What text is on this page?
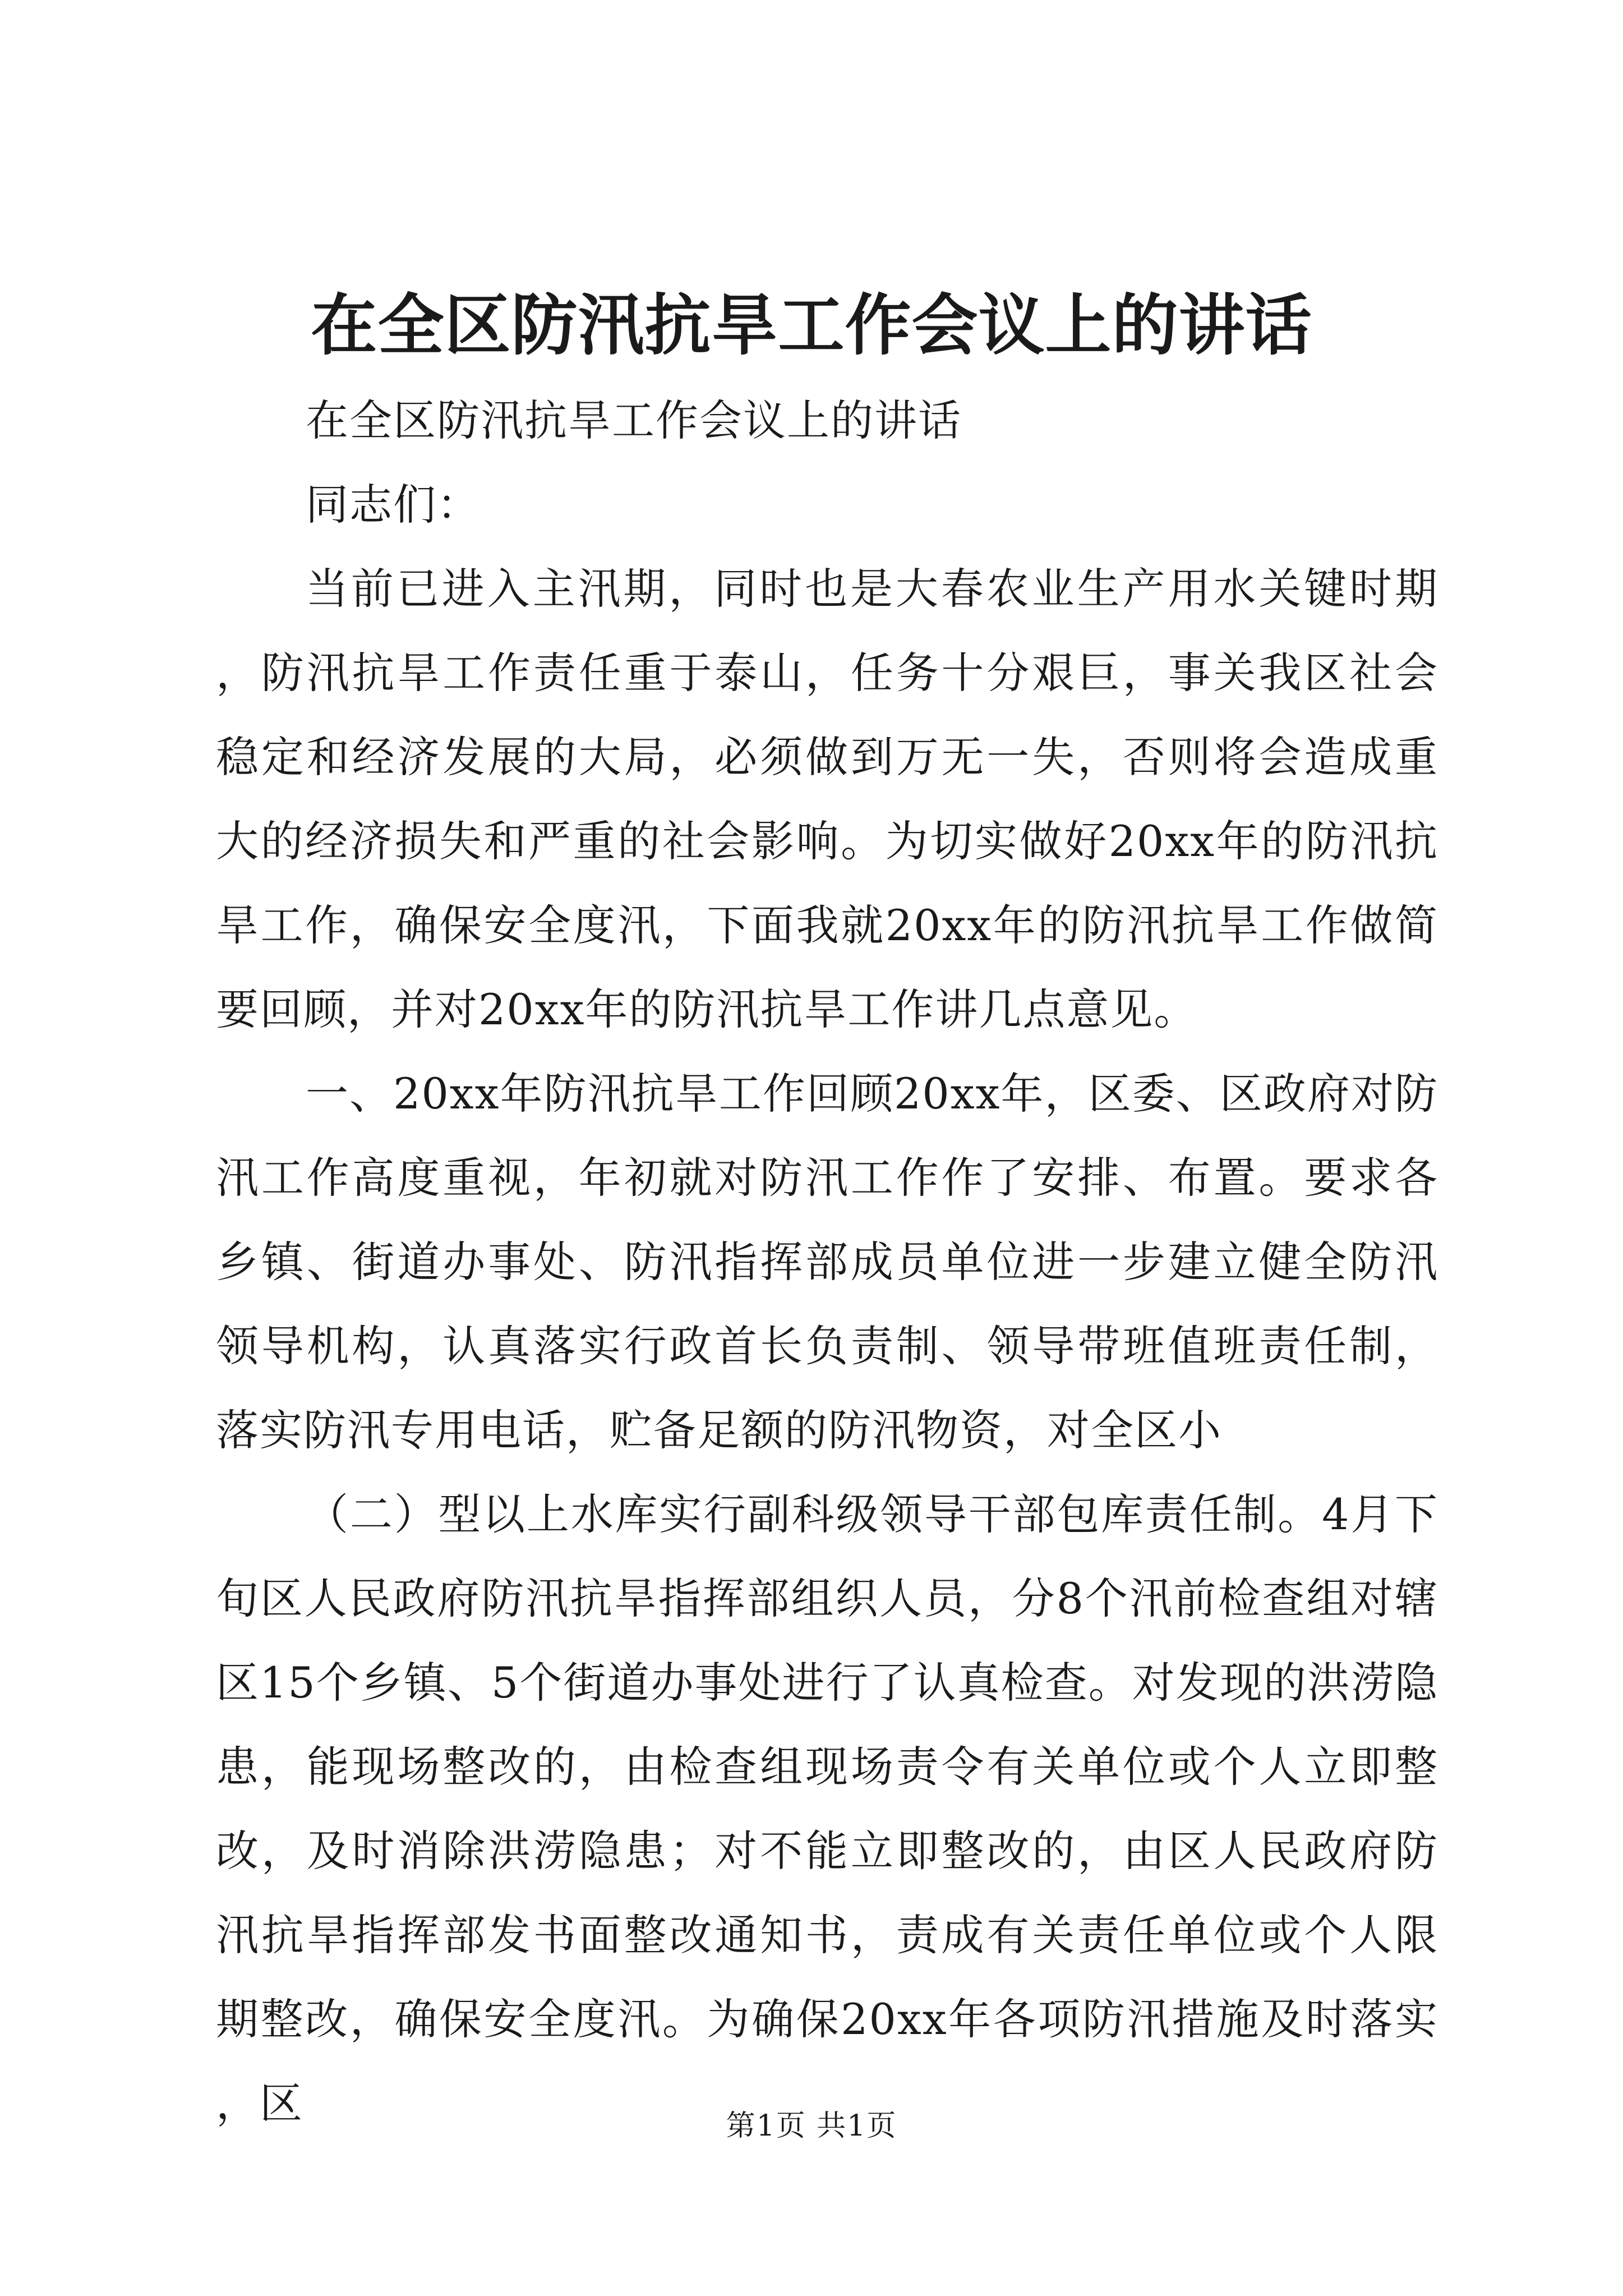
在全区防汛抗旱工作会议上的讲话

在全区防汛抗旱工作会议上的讲话

同志们：

当前已进入主汛期，同时也是大春农业生产用水关键时期，防汛抗旱工作责任重于泰山，任务十分艰巨，事关我区社会稳定和经济发展的大局，必须做到万无一失，否则将会造成重大的经济损失和严重的社会影响。为切实做好20xx年的防汛抗旱工作，确保安全度汛，下面我就20xx年的防汛抗旱工作做简要回顾，并对20xx年的防汛抗旱工作讲几点意见。

一、20xx年防汛抗旱工作回顾20xx年，区委、区政府对防汛工作高度重视，年初就对防汛工作作了安排、布置。要求各乡镇、街道办事处、防汛指挥部成员单位进一步建立健全防汛领导机构，认真落实行政首长负责制、领导带班值班责任制，落实防汛专用电话，贮备足额的防汛物资，对全区小

（二）型以上水库实行副科级领导干部包库责任制。4月下旬区人民政府防汛抗旱指挥部组织人员，分8个汛前检查组对辖区15个乡镇、5个街道办事处进行了认真检查。对发现的洪涝隐患，能现场整改的，由检查组现场责令有关单位或个人立即整改，及时消除洪涝隐患；对不能立即整改的，由区人民政府防汛抗旱指挥部发书面整改通知书，责成有关责任单位或个人限期整改，确保安全度汛。为确保20xx年各项防汛措施及时落实，区	第1页 共1页
